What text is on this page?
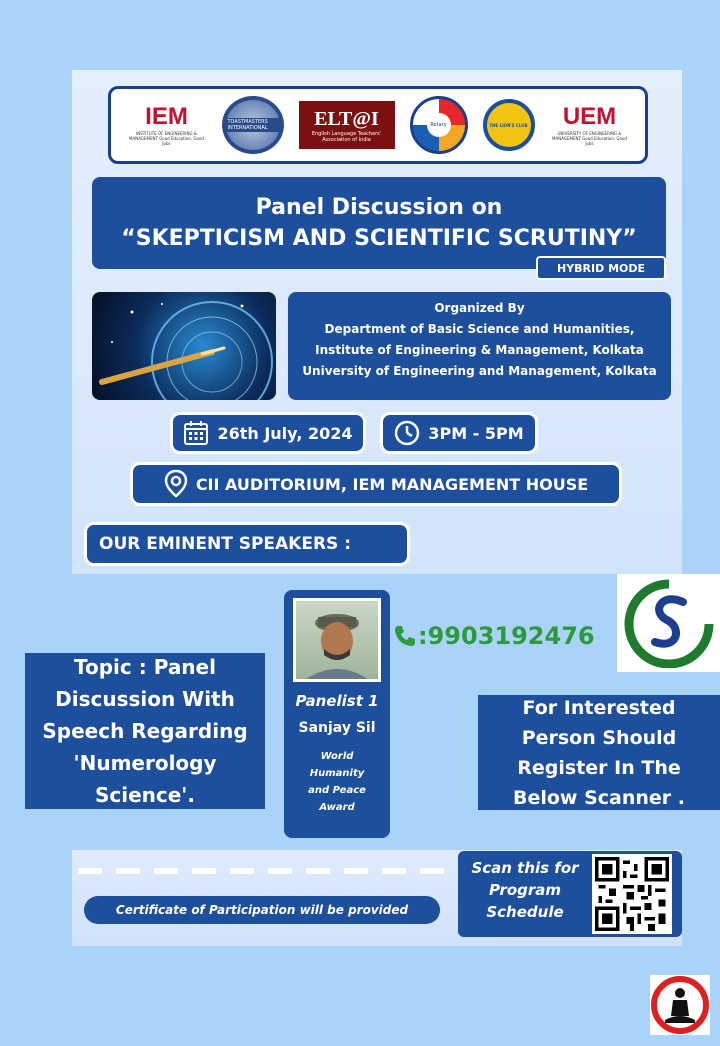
IEM
INSTITUTE OF ENGINEERING & MANAGEMENT Good Education, Good Jobs
TOASTMASTERS INTERNATIONAL	ELT@I
English Language Teachers' Association of India
Rotary	THE LION'S CLUB UEM
UNIVERSITY OF ENGINEERING & MANAGEMENT Good Education, Good Jobs
Panel Discussion on
“SKEPTICISM AND SCIENTIFIC SCRUTINY”
HYBRID MODE
Organized By
Department of Basic Science and Humanities,
Institute of Engineering & Management, Kolkata
University of Engineering and Management, Kolkata
26th July, 2024	3PM - 5PM
CII AUDITORIUM, IEM MANAGEMENT HOUSE
OUR EMINENT SPEAKERS :
Panelist 1
Sanjay Sil
World
Humanity
and Peace
Award
:9903192476
Topic : Panel
Discussion With
Speech Regarding
'Numerology
Science'.
For Interested
Person Should
Register In The
Below Scanner .
Certificate of Participation will be provided
Scan this for
Program
Schedule
